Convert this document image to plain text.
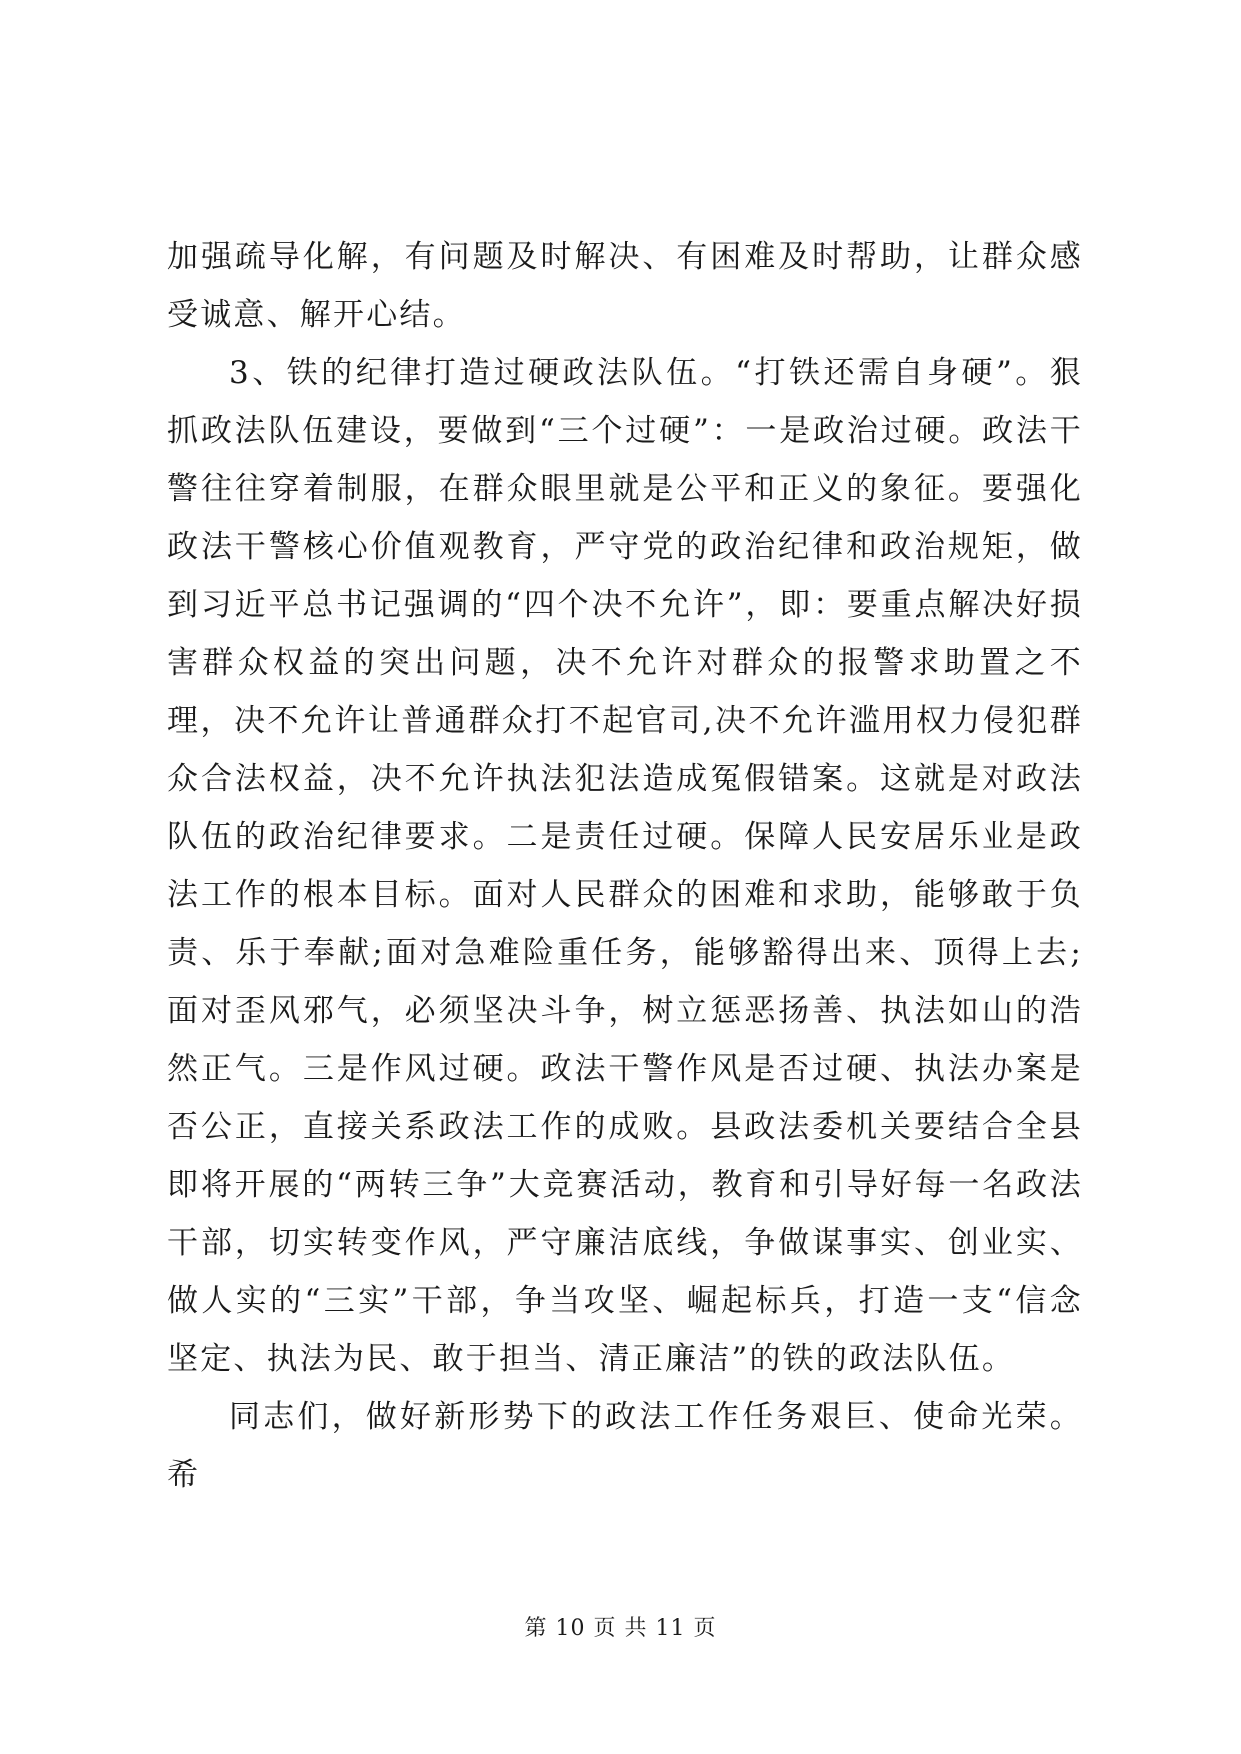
加强疏导化解，有问题及时解决、有困难及时帮助，让群众感受诚意、解开心结。

3、铁的纪律打造过硬政法队伍。“打铁还需自身硬”。狠抓政法队伍建设，要做到“三个过硬”：一是政治过硬。政法干警往往穿着制服，在群众眼里就是公平和正义的象征。要强化政法干警核心价值观教育，严守党的政治纪律和政治规矩，做到习近平总书记强调的“四个决不允许”，即：要重点解决好损害群众权益的突出问题，决不允许对群众的报警求助置之不理，决不允许让普通群众打不起官司,决不允许滥用权力侵犯群众合法权益，决不允许执法犯法造成冤假错案。这就是对政法队伍的政治纪律要求。二是责任过硬。保障人民安居乐业是政法工作的根本目标。面对人民群众的困难和求助，能够敢于负责、乐于奉献;面对急难险重任务，能够豁得出来、顶得上去;面对歪风邪气，必须坚决斗争，树立惩恶扬善、执法如山的浩然正气。三是作风过硬。政法干警作风是否过硬、执法办案是否公正，直接关系政法工作的成败。县政法委机关要结合全县即将开展的“两转三争”大竞赛活动，教育和引导好每一名政法干部，切实转变作风，严守廉洁底线，争做谋事实、创业实、做人实的“三实”干部，争当攻坚、崛起标兵，打造一支“信念坚定、执法为民、敢于担当、清正廉洁”的铁的政法队伍。

同志们，做好新形势下的政法工作任务艰巨、使命光荣。希

第 10 页 共 11 页
